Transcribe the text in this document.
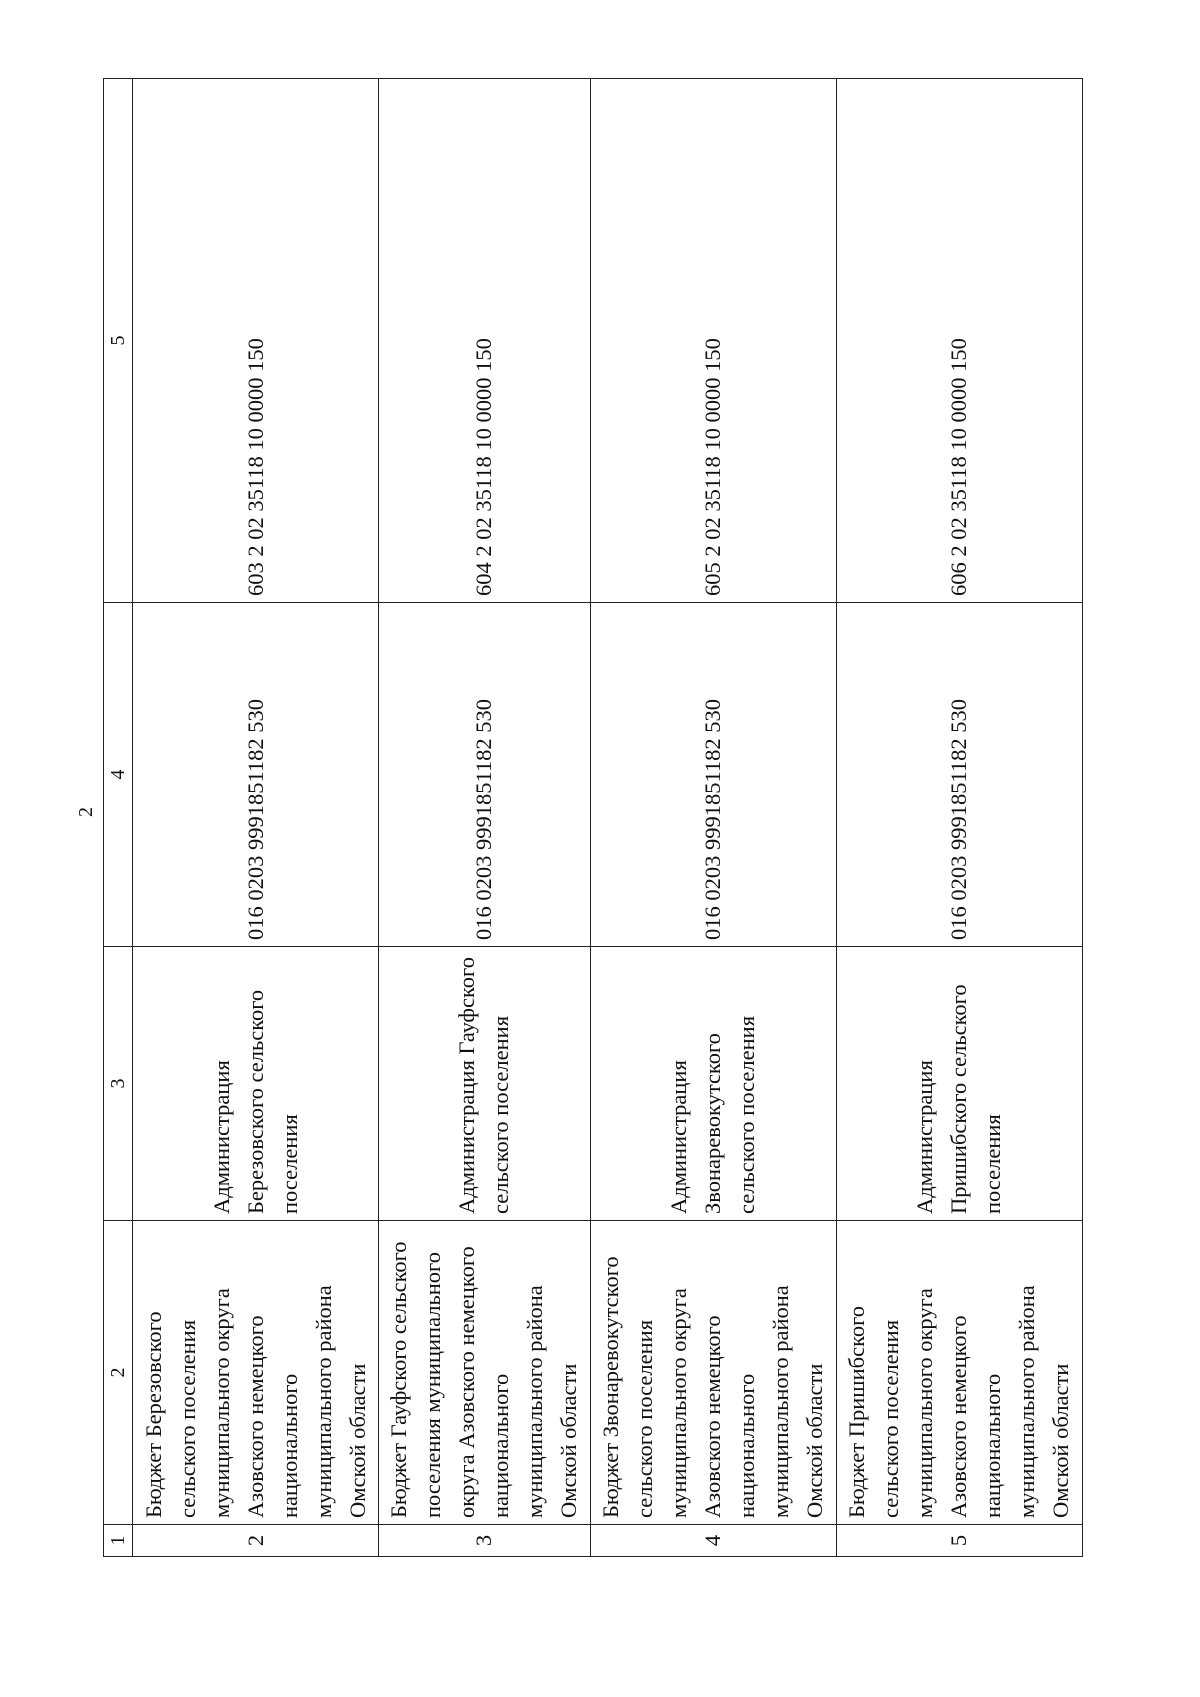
2
1	2	3	4	5
2	Бюджет Березовского сельского поселения муниципального округа Азовского немецкого национального муниципального района Омской области	Администрация Березовского сельского поселения	016 0203 9991851182 530	603 2 02 35118 10 0000 150
3	Бюджет Гауфского сельского поселения муниципального округа Азовского немецкого национального муниципального района Омской области	Администрация Гауфского сельского поселения	016 0203 9991851182 530	604 2 02 35118 10 0000 150
4	Бюджет Звонаревокутского сельского поселения муниципального округа Азовского немецкого национального муниципального района Омской области	Администрация Звонаревокутского сельского поселения	016 0203 9991851182 530	605 2 02 35118 10 0000 150
5	Бюджет Пришибского сельского поселения муниципального округа Азовского немецкого национального муниципального района Омской области	Администрация Пришибского сельского поселения	016 0203 9991851182 530	606 2 02 35118 10 0000 150
